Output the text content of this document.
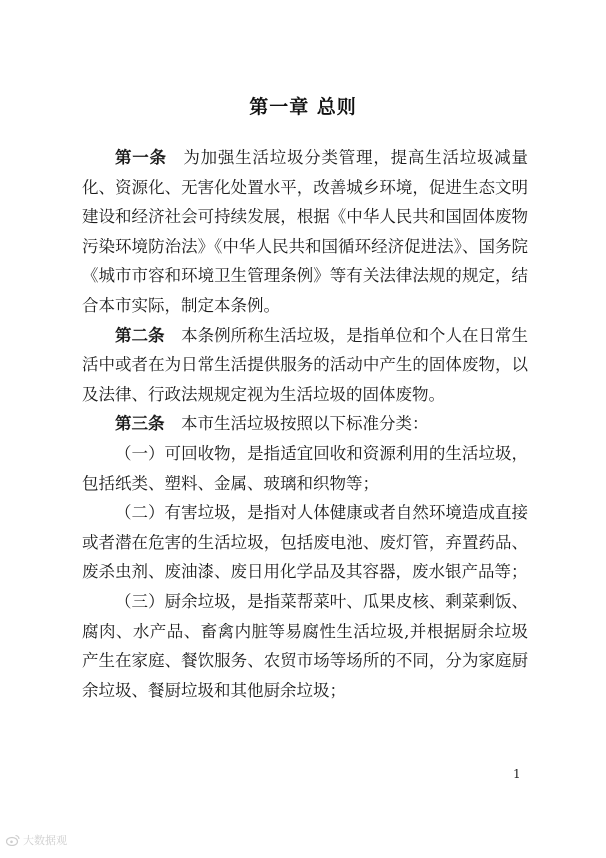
第一章 总则

第一条 为加强生活垃圾分类管理，提高生活垃圾减量化、资源化、无害化处置水平，改善城乡环境，促进生态文明建设和经济社会可持续发展，根据《中华人民共和国固体废物污染环境防治法》《中华人民共和国循环经济促进法》、国务院《城市市容和环境卫生管理条例》等有关法律法规的规定，结合本市实际，制定本条例。

第二条 本条例所称生活垃圾，是指单位和个人在日常生活中或者在为日常生活提供服务的活动中产生的固体废物，以及法律、行政法规规定视为生活垃圾的固体废物。

第三条 本市生活垃圾按照以下标准分类：

（一）可回收物，是指适宜回收和资源利用的生活垃圾，包括纸类、塑料、金属、玻璃和织物等；

（二）有害垃圾，是指对人体健康或者自然环境造成直接或者潜在危害的生活垃圾，包括废电池、废灯管，弃置药品、废杀虫剂、废油漆、废日用化学品及其容器，废水银产品等；

（三）厨余垃圾，是指菜帮菜叶、瓜果皮核、剩菜剩饭、腐肉、水产品、畜禽内脏等易腐性生活垃圾,并根据厨余垃圾产生在家庭、餐饮服务、农贸市场等场所的不同，分为家庭厨余垃圾、餐厨垃圾和其他厨余垃圾；

1
大数据观
